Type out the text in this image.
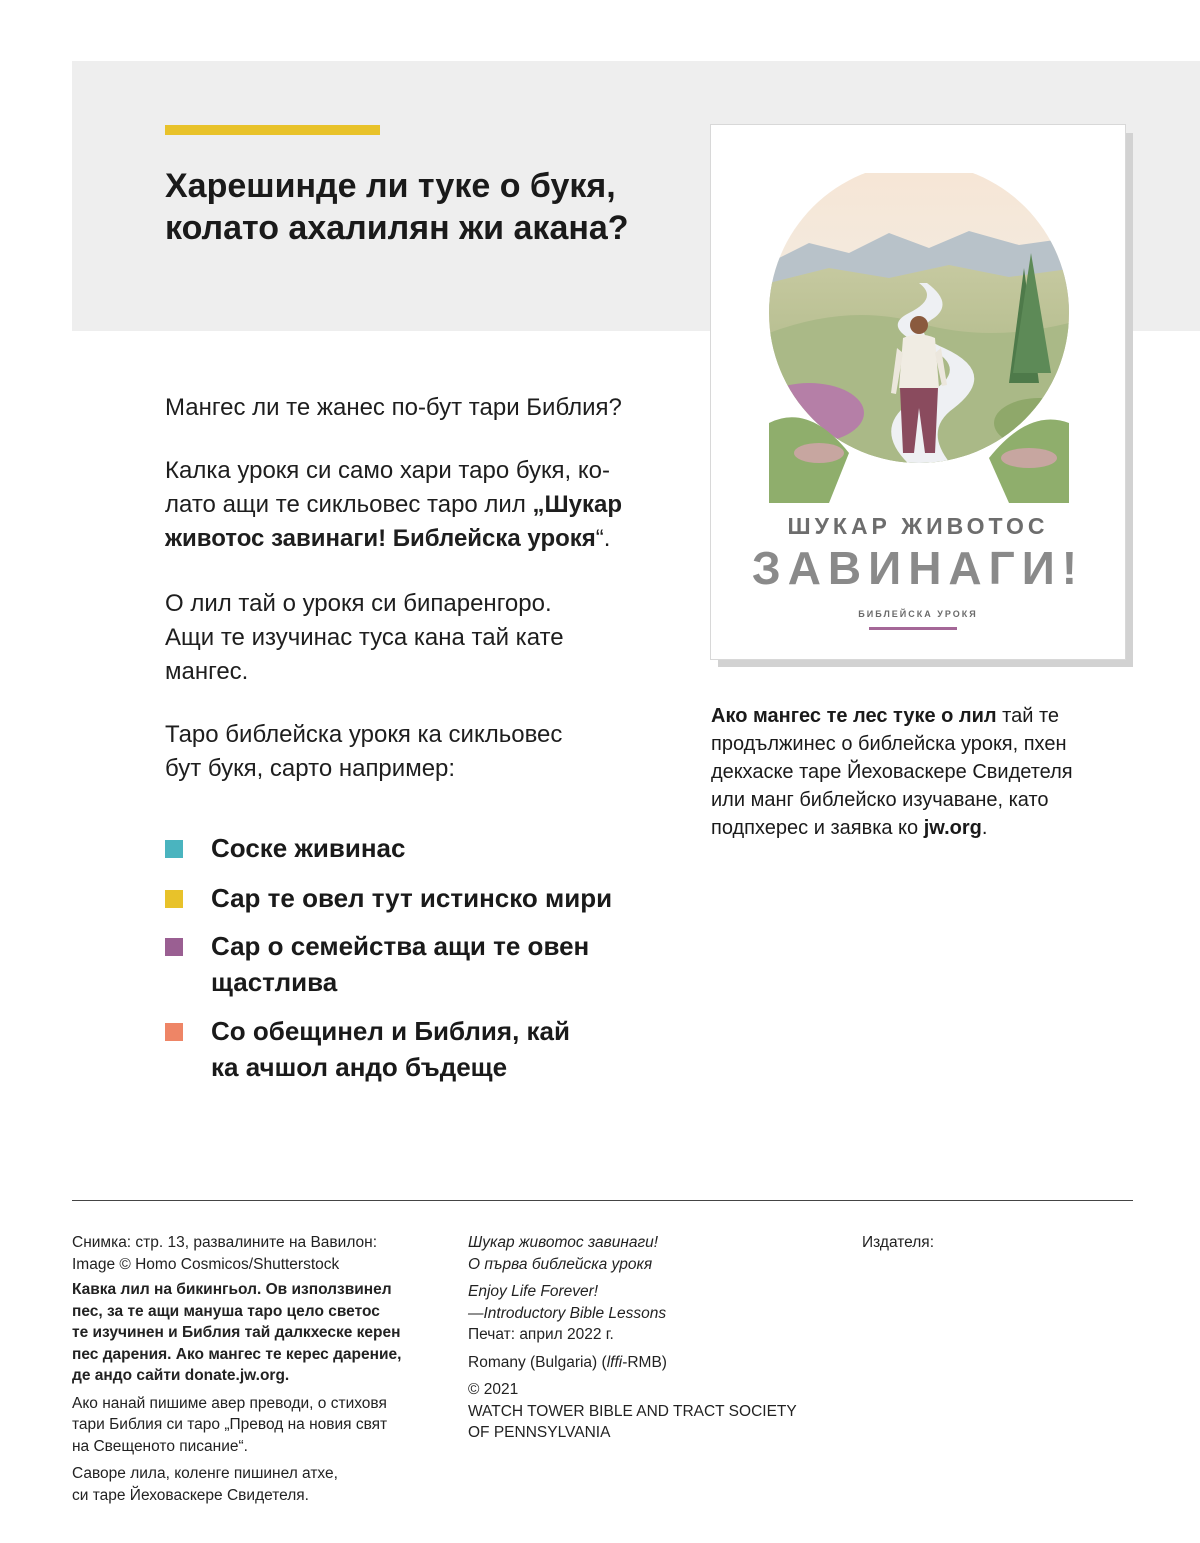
Харешинде ли туке о букя,
колато ахалилян жи акана?
ШУКАР ЖИВОТОС
ЗАВИНАГИ!
БИБЛЕЙСКА УРОКЯ

Мангес ли те жанес по-бут тари Библия?

Калка урокя си само хари таро букя, ко-
лато ащи те сикльовес таро лил „Шукар
животос завинаги! Библейска урокя“.

О лил тай о урокя си бипаренгоро.
Ащи те изучинас туса кана тай кате
мангес.

Таро библейска урокя ка сикльовес
бут букя, сарто например:

Соске живинас
Сар те овел тут истинско мири
Сар о семейства ащи те овен
щастлива
Со обещинел и Библия, кай
ка ачшол андо бъдеще

Ако мангес те лес туке о лил тай те
продължинес о библейска урокя, пхен
декхаске таре Йеховаскере Свидетеля
или манг библейско изучаване, като
подпхерес и заявка ко jw.org.

Снимка: стр. 13, развалините на Вавилон:
Image © Homo Cosmicos/Shutterstock

Кавка лил на бикингьол. Ов използвинел
пес, за те ащи мануша таро цело светос
те изучинен и Библия тай далкхеске керен
пес дарения. Ако мангес те керес дарение,
де андо сайти donate.jw.org.

Ако нанай пишиме авер преводи, о стиховя
тари Библия си таро „Превод на новия свят
на Свещеното писание“.

Саворе лила, коленге пишинел атхе,
си таре Йеховаскере Свидетеля.

Шукар животос завинаги!
О първа библейска урокя

Enjoy Life Forever!
—Introductory Bible Lessons

Печат: април 2022 г.

Romany (Bulgaria) (lffi-RMB)

© 2021
WATCH TOWER BIBLE AND TRACT SOCIETY
OF PENNSYLVANIA

Издателя:
